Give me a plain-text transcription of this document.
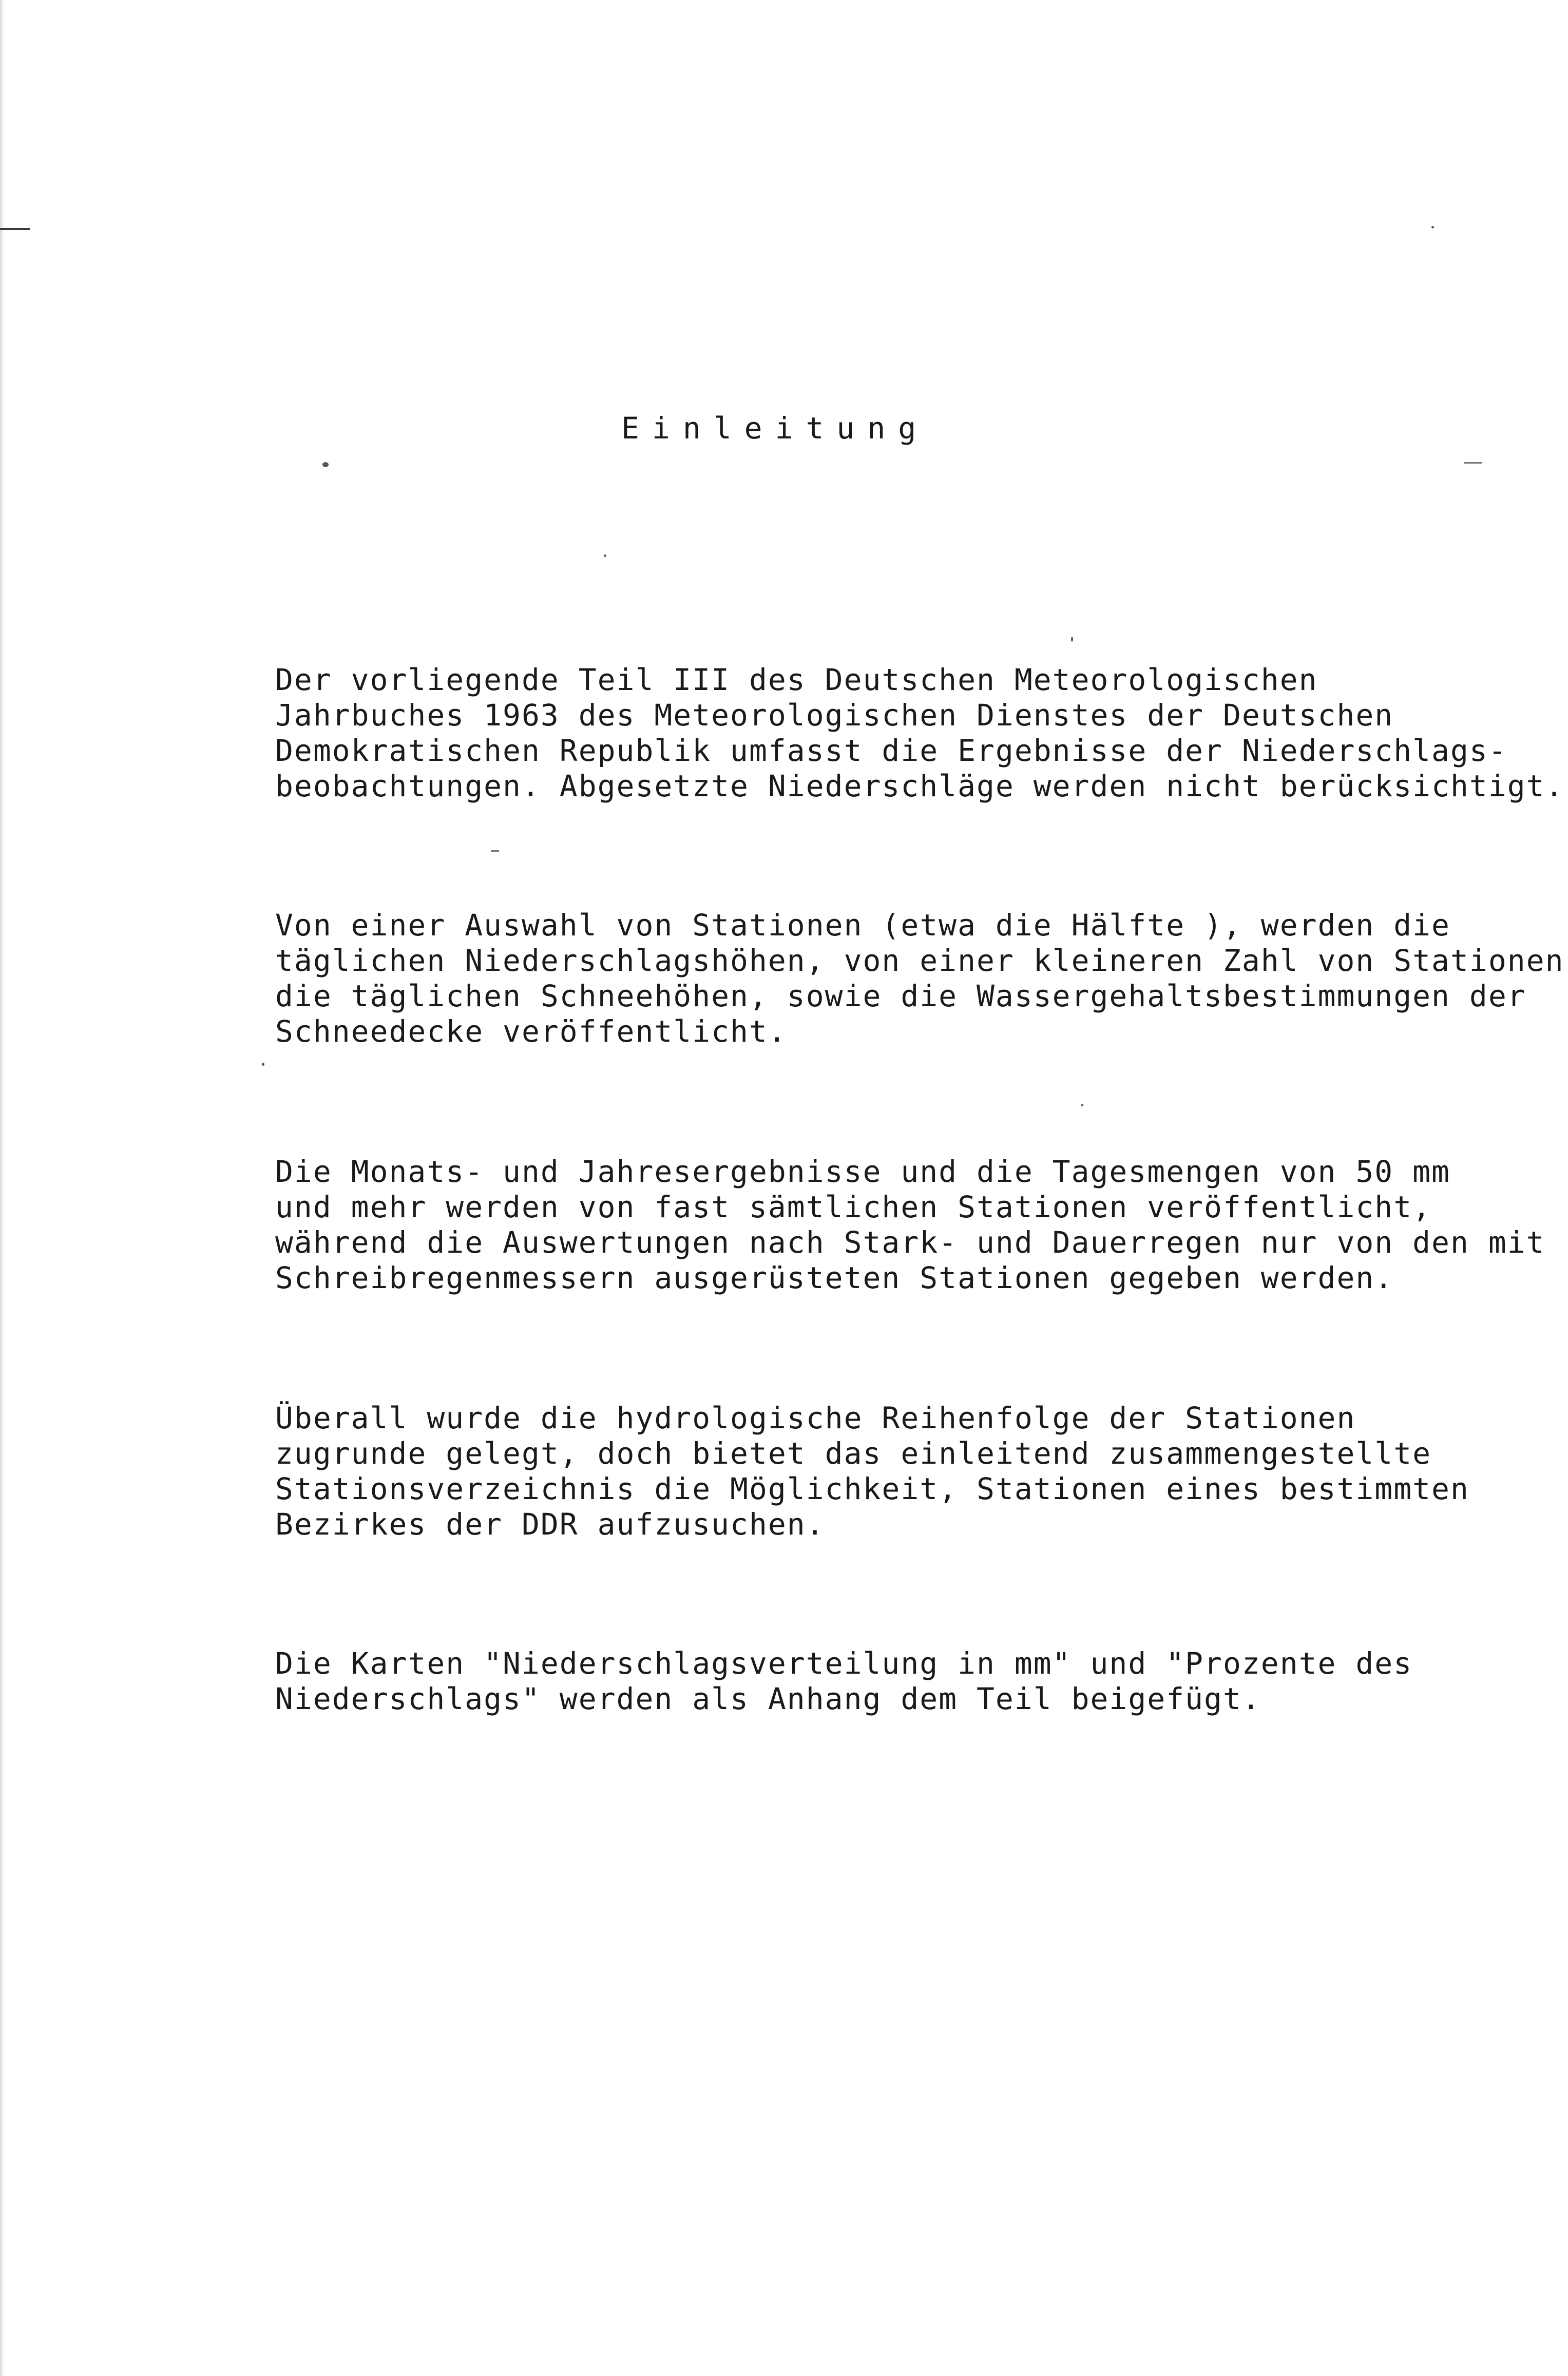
Einleitung

Der vorliegende Teil III des Deutschen Meteorologischen
Jahrbuches 1963 des Meteorologischen Dienstes der Deutschen
Demokratischen Republik umfasst die Ergebnisse der Niederschlags-
beobachtungen. Abgesetzte Niederschläge werden nicht berücksichtigt.

Von einer Auswahl von Stationen (etwa die Hälfte ), werden die
täglichen Niederschlagshöhen, von einer kleineren Zahl von Stationen
die täglichen Schneehöhen, sowie die Wassergehaltsbestimmungen der
Schneedecke veröffentlicht.

Die Monats- und Jahresergebnisse und die Tagesmengen von 50 mm
und mehr werden von fast sämtlichen Stationen veröffentlicht,
während die Auswertungen nach Stark- und Dauerregen nur von den mit
Schreibregenmessern ausgerüsteten Stationen gegeben werden.

Überall wurde die hydrologische Reihenfolge der Stationen
zugrunde gelegt, doch bietet das einleitend zusammengestellte
Stationsverzeichnis die Möglichkeit, Stationen eines bestimmten
Bezirkes der DDR aufzusuchen.

Die Karten "Niederschlagsverteilung in mm" und "Prozente des
Niederschlags" werden als Anhang dem Teil beigefügt.
